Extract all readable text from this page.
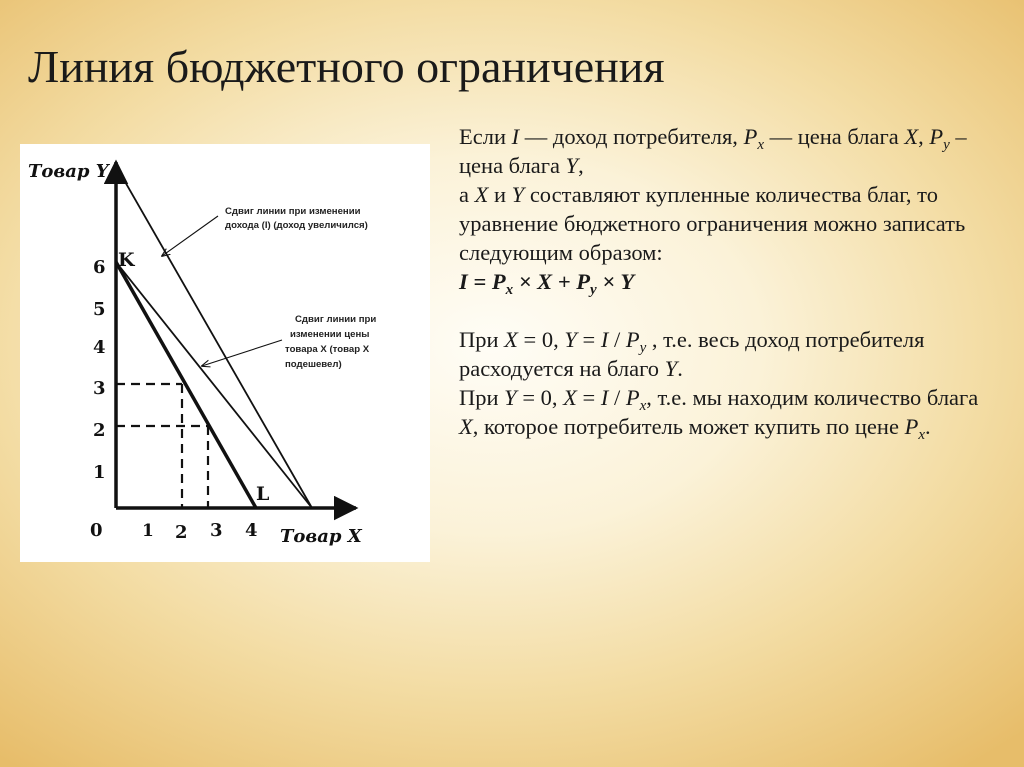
Линия бюджетного ограничения
Товар Y
Товар X
0
6
5
4
3
2
1
1 2 3 4
K
L
Сдвиг линии при изменении дохода (I) (доход увеличился)
Сдвиг линии при изменении цены товара X (товар X подешевел)

Если I — доход потребителя, $P_x$ — цена блага X, $P_y$ – цена блага Y,

а X и Y составляют купленные количества благ, то уравнение бюджетного ограничения можно записать следующим образом:

$I = P_x \times X + P_y \times Y$

При X = 0, $Y = I / P_y$ , т.е. весь доход потребителя расходуется на благо Y.

При Y = 0, $X = I / P_x$, т.е. мы находим количество блага X, которое потребитель может купить по цене $P_x$.
